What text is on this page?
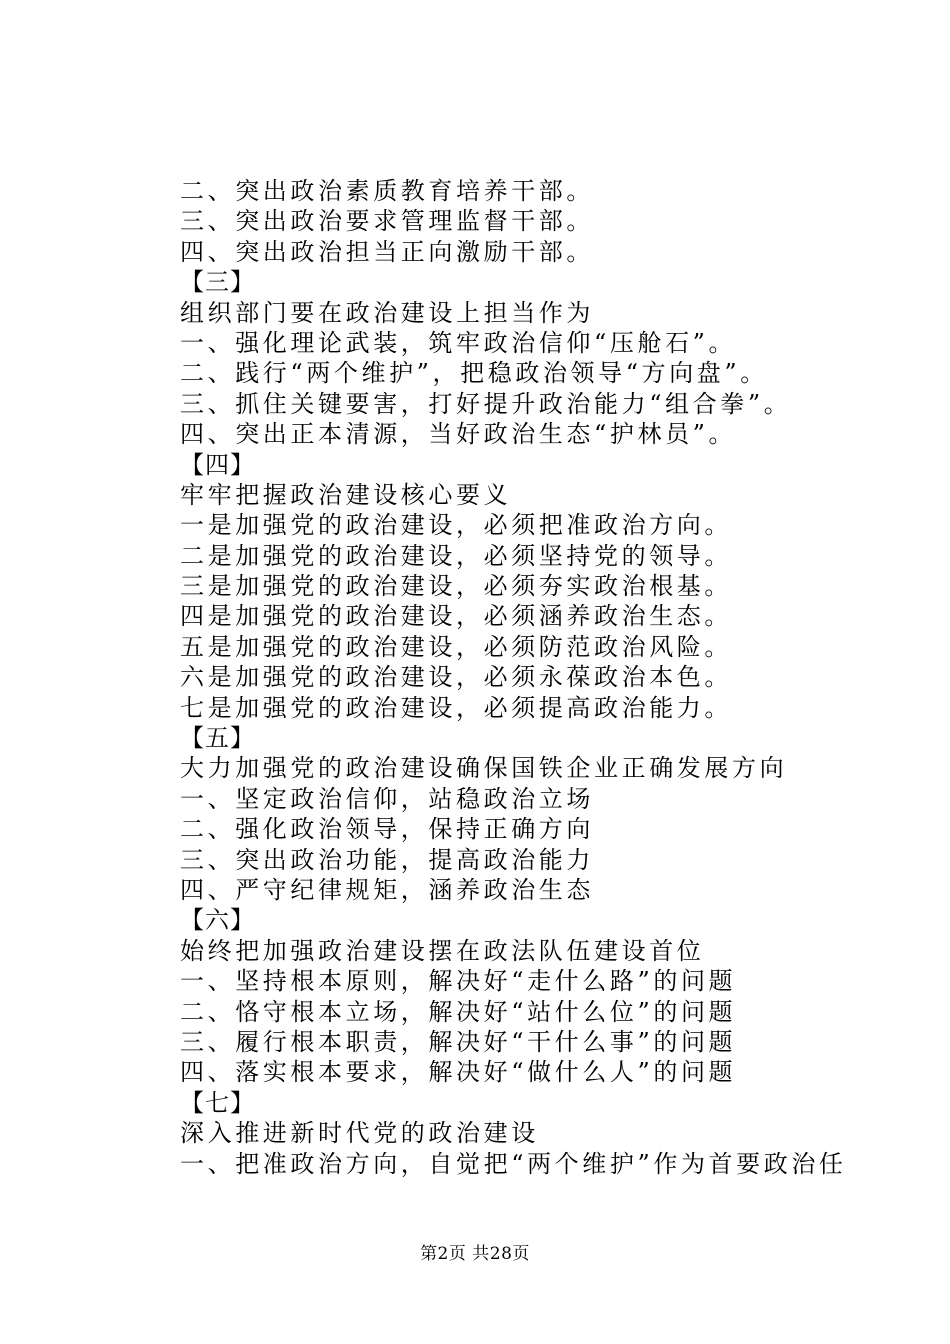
二、突出政治素质教育培养干部。
三、突出政治要求管理监督干部。
四、突出政治担当正向激励干部。
【三】
组织部门要在政治建设上担当作为
一、强化理论武装，筑牢政治信仰“压舱石”。
二、践行“两个维护”，把稳政治领导“方向盘”。
三、抓住关键要害，打好提升政治能力“组合拳”。
四、突出正本清源，当好政治生态“护林员”。
【四】
牢牢把握政治建设核心要义
一是加强党的政治建设，必须把准政治方向。
二是加强党的政治建设，必须坚持党的领导。
三是加强党的政治建设，必须夯实政治根基。
四是加强党的政治建设，必须涵养政治生态。
五是加强党的政治建设，必须防范政治风险。
六是加强党的政治建设，必须永葆政治本色。
七是加强党的政治建设，必须提高政治能力。
【五】
大力加强党的政治建设确保国铁企业正确发展方向
一、坚定政治信仰，站稳政治立场
二、强化政治领导，保持正确方向
三、突出政治功能，提高政治能力
四、严守纪律规矩，涵养政治生态
【六】
始终把加强政治建设摆在政法队伍建设首位
一、坚持根本原则，解决好“走什么路”的问题
二、恪守根本立场，解决好“站什么位”的问题
三、履行根本职责，解决好“干什么事”的问题
四、落实根本要求，解决好“做什么人”的问题
【七】
深入推进新时代党的政治建设
一、把准政治方向，自觉把“两个维护”作为首要政治任
第2页 共28页
